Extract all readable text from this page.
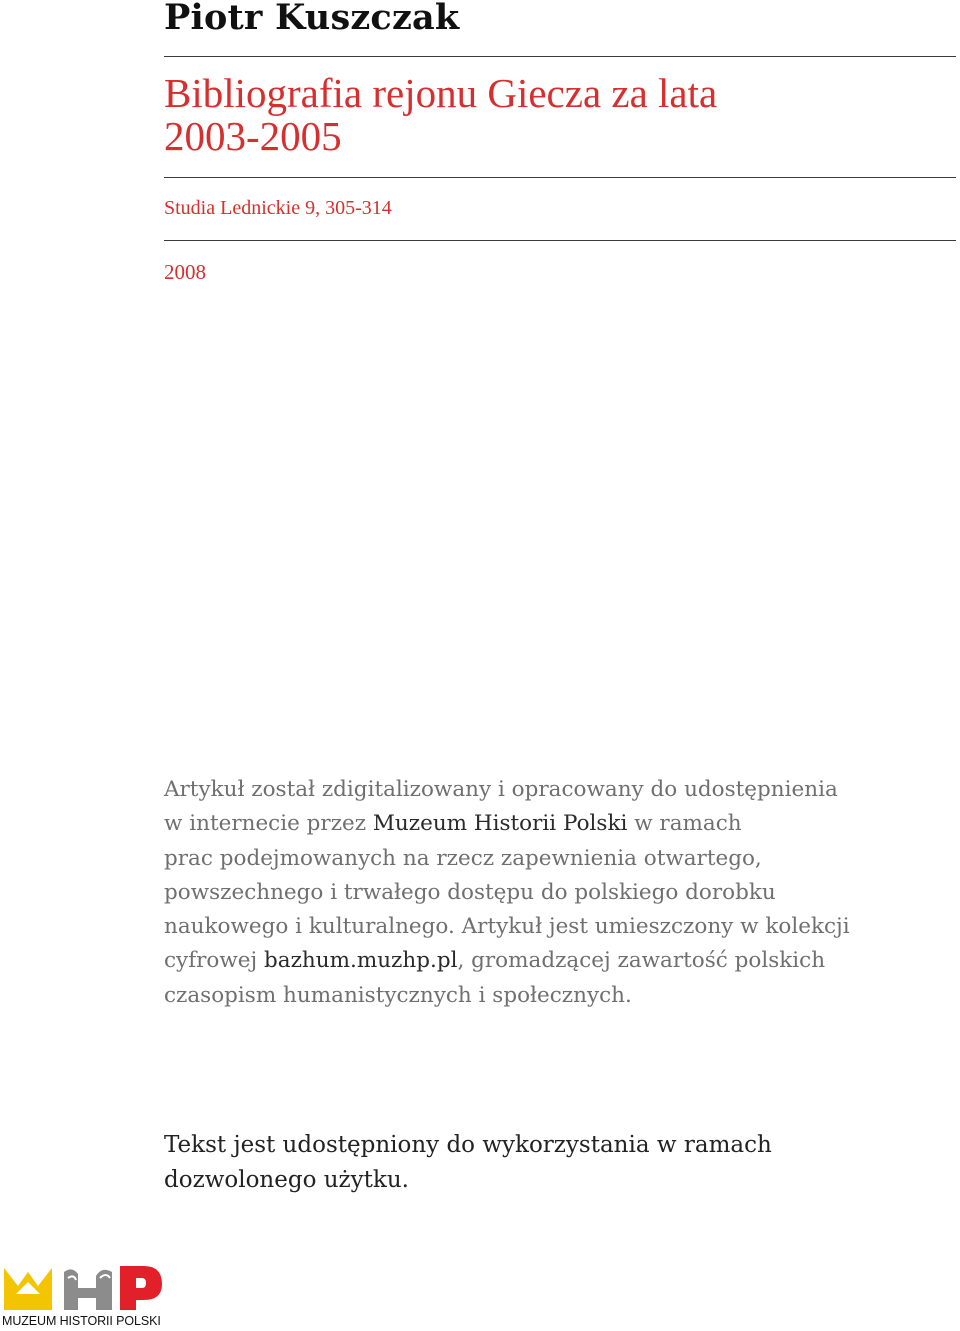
Piotr Kuszczak
Bibliografia rejonu Giecza za lata
2003-2005
Studia Lednickie 9, 305-314
2008

Artykuł został zdigitalizowany i opracowany do udostępnienia
w internecie przez Muzeum Historii Polski w ramach
prac podejmowanych na rzecz zapewnienia otwartego,
powszechnego i trwałego dostępu do polskiego dorobku
naukowego i kulturalnego. Artykuł jest umieszczony w kolekcji
cyfrowej bazhum.muzhp.pl, gromadzącej zawartość polskich
czasopism humanistycznych i społecznych.

Tekst jest udostępniony do wykorzystania w ramach
dozwolonego użytku.

MUZEUM HISTORII POLSKI
